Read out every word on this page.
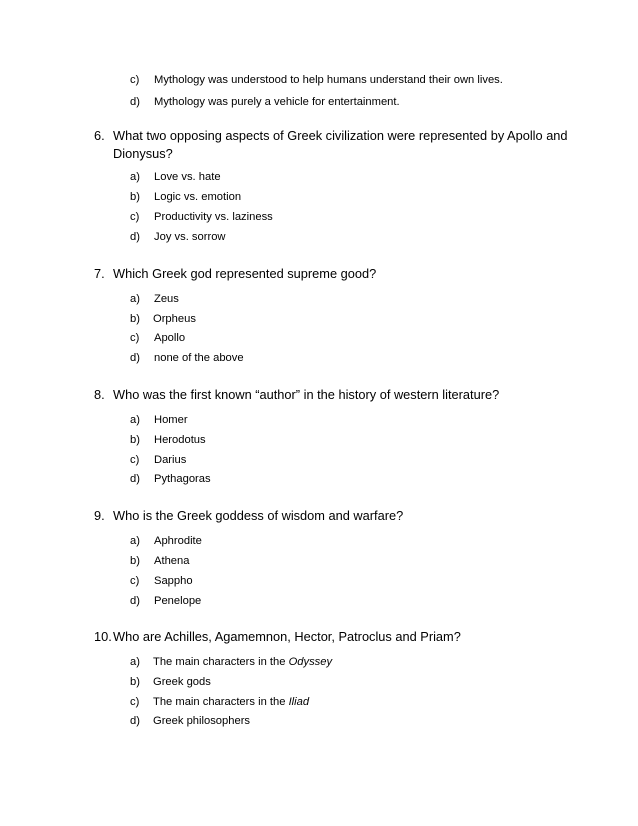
c) Mythology was understood to help humans understand their own lives.
d) Mythology was purely a vehicle for entertainment.
6. What two opposing aspects of Greek civilization were represented by Apollo and
Dionysus?
a) Love vs. hate
b) Logic vs. emotion
c) Productivity vs. laziness
d) Joy vs. sorrow
7. Which Greek god represented supreme good?
a) Zeus
b) Orpheus
c) Apollo
d) none of the above
8. Who was the first known “author” in the history of western literature?
a) Homer
b) Herodotus
c) Darius
d) Pythagoras
9. Who is the Greek goddess of wisdom and warfare?
a) Aphrodite
b) Athena
c) Sappho
d) Penelope
10. Who are Achilles, Agamemnon, Hector, Patroclus and Priam?
a) The main characters in the Odyssey
b) Greek gods
c) The main characters in the Iliad
d) Greek philosophers
